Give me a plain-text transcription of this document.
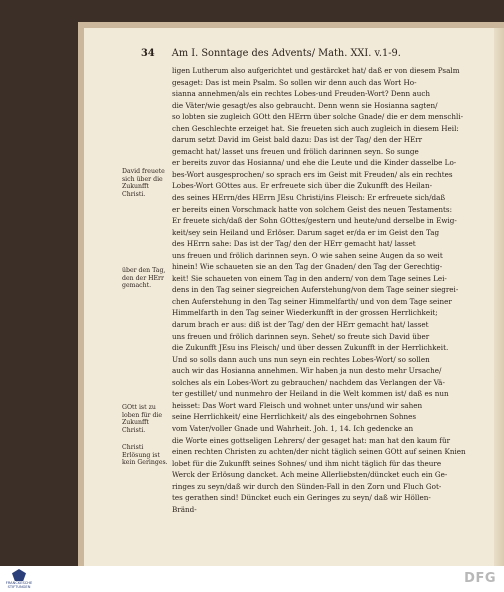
34 Am I. Sonntage des Advents/ Math. XXI. v.1-9.
David freuete sich über die Zukunfft Christi.
über den Tag, den der HErr gemacht.
GOtt ist zu loben für die Zukunfft Christi.
Christi Erlösung ist kein Geringes.
ligen Lutherum also aufgerichtet und gestärcket hat/ daß er von diesem Psalm
gesaget: Das ist mein Psalm. So sollen wir denn auch das Wort Ho-
sianna annehmen/als ein rechtes Lobes-und Freuden-Wort? Denn auch
die Väter/wie gesagt/es also gebraucht. Denn wenn sie Hosianna sagten/
so lobten sie zugleich GOtt den HErrn über solche Gnade/ die er dem menschli-
chen Geschlechte erzeiget hat. Sie freueten sich auch zugleich in diesem Heil:
darum setzt David im Geist bald dazu: Das ist der Tag/ den der HErr
gemacht hat/ lasset uns freuen und frölich darinnen seyn. So sunge
er bereits zuvor das Hosianna/ und ehe die Leute und die Kinder dasselbe Lo-
bes-Wort ausgesprochen/ so sprach ers im Geist mit Freuden/ als ein rechtes
Lobes-Wort GOttes aus. Er erfreuete sich über die Zukunfft des Heilan-
des seines HErrn/des HErrn JEsu Christi/ins Fleisch: Er erfreuete sich/daß
er bereits einen Vorschmack hatte von solchem Geist des neuen Testaments:
Er freuete sich/daß der Sohn GOttes/gestern und heute/und derselbe in Ewig-
keit/sey sein Heiland und Erlöser. Darum saget er/da er im Geist den Tag
des HErrn sahe: Das ist der Tag/ den der HErr gemacht hat/ lasset
uns freuen und frölich darinnen seyn. O wie sahen seine Augen da so weit
hinein! Wie schaueten sie an den Tag der Gnaden/ den Tag der Gerechtig-
keit! Sie schaueten von einem Tag in den andern/ von dem Tage seines Lei-
dens in den Tag seiner siegreichen Auferstehung/von dem Tage seiner siegrei-
chen Auferstehung in den Tag seiner Himmelfarth/ und von dem Tage seiner
Himmelfarth in den Tag seiner Wiederkunfft in der grossen Herrlichkeit;
darum brach er aus: diß ist der Tag/ den der HErr gemacht hat/ lasset
uns freuen und frölich darinnen seyn. Sehet/ so freute sich David über
die Zukunfft JEsu ins Fleisch/ und über dessen Zukunfft in der Herrlichkeit.
Und so solls dann auch uns nun seyn ein rechtes Lobes-Wort/ so sollen
auch wir das Hosianna annehmen. Wir haben ja nun desto mehr Ursache/
solches als ein Lobes-Wort zu gebrauchen/ nachdem das Verlangen der Vä-
ter gestillet/ und nunmehro der Heiland in die Welt kommen ist/ daß es nun
heisset: Das Wort ward Fleisch und wohnet unter uns/und wir sahen
seine Herrlichkeit/ eine Herrlichkeit/ als des eingebohrnen Sohnes
vom Vater/voller Gnade und Wahrheit. Joh. 1, 14. Ich gedencke an
die Worte eines gottseligen Lehrers/ der gesaget hat: man hat den kaum für
einen rechten Christen zu achten/der nicht täglich seinen GOtt auf seinen Knien
lobet für die Zukunfft seines Sohnes/ und ihm nicht täglich für das theure
Werck der Erlösung dancket. Ach meine Allerliebsten/düncket euch ein Ge-
ringes zu seyn/daß wir durch den Sünden-Fall in den Zorn und Fluch Got-
tes gerathen sind! Düncket euch ein Geringes zu seyn/ daß wir Höllen-
Bränd-
FRANCKESCHE
STIFTUNGEN
DFG
